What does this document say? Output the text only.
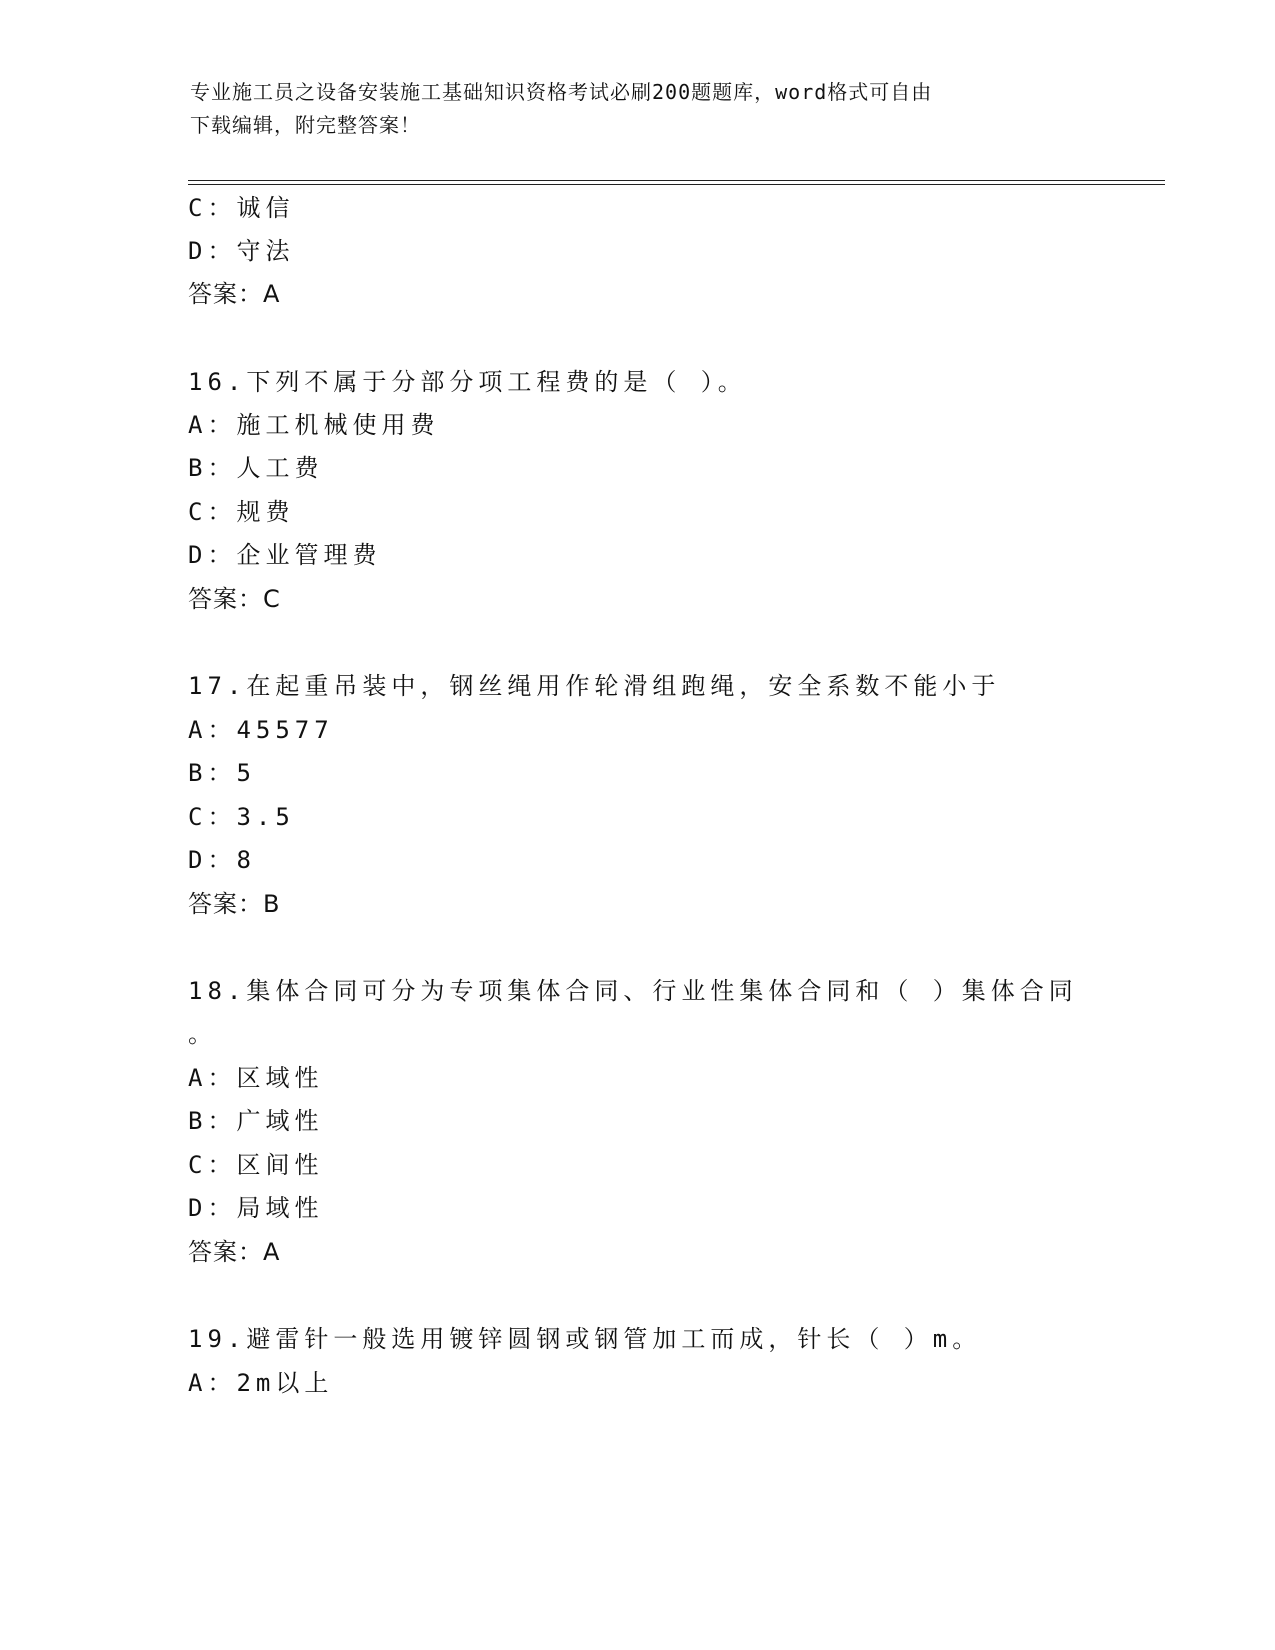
专业施工员之设备安装施工基础知识资格考试必刷200题题库，word格式可自由
下载编辑，附完整答案！
C：诚信
D：守法
答案：A
16.下列不属于分部分项工程费的是（ ）。
A：施工机械使用费
B：人工费
C：规费
D：企业管理费
答案：C
17.在起重吊装中，钢丝绳用作轮滑组跑绳，安全系数不能小于
A：45577
B：5
C：3.5
D：8
答案：B
18.集体合同可分为专项集体合同、行业性集体合同和（ ）集体合同
。
A：区域性
B：广域性
C：区间性
D：局域性
答案：A
19.避雷针一般选用镀锌圆钢或钢管加工而成，针长（ ）m。
A：2m以上
